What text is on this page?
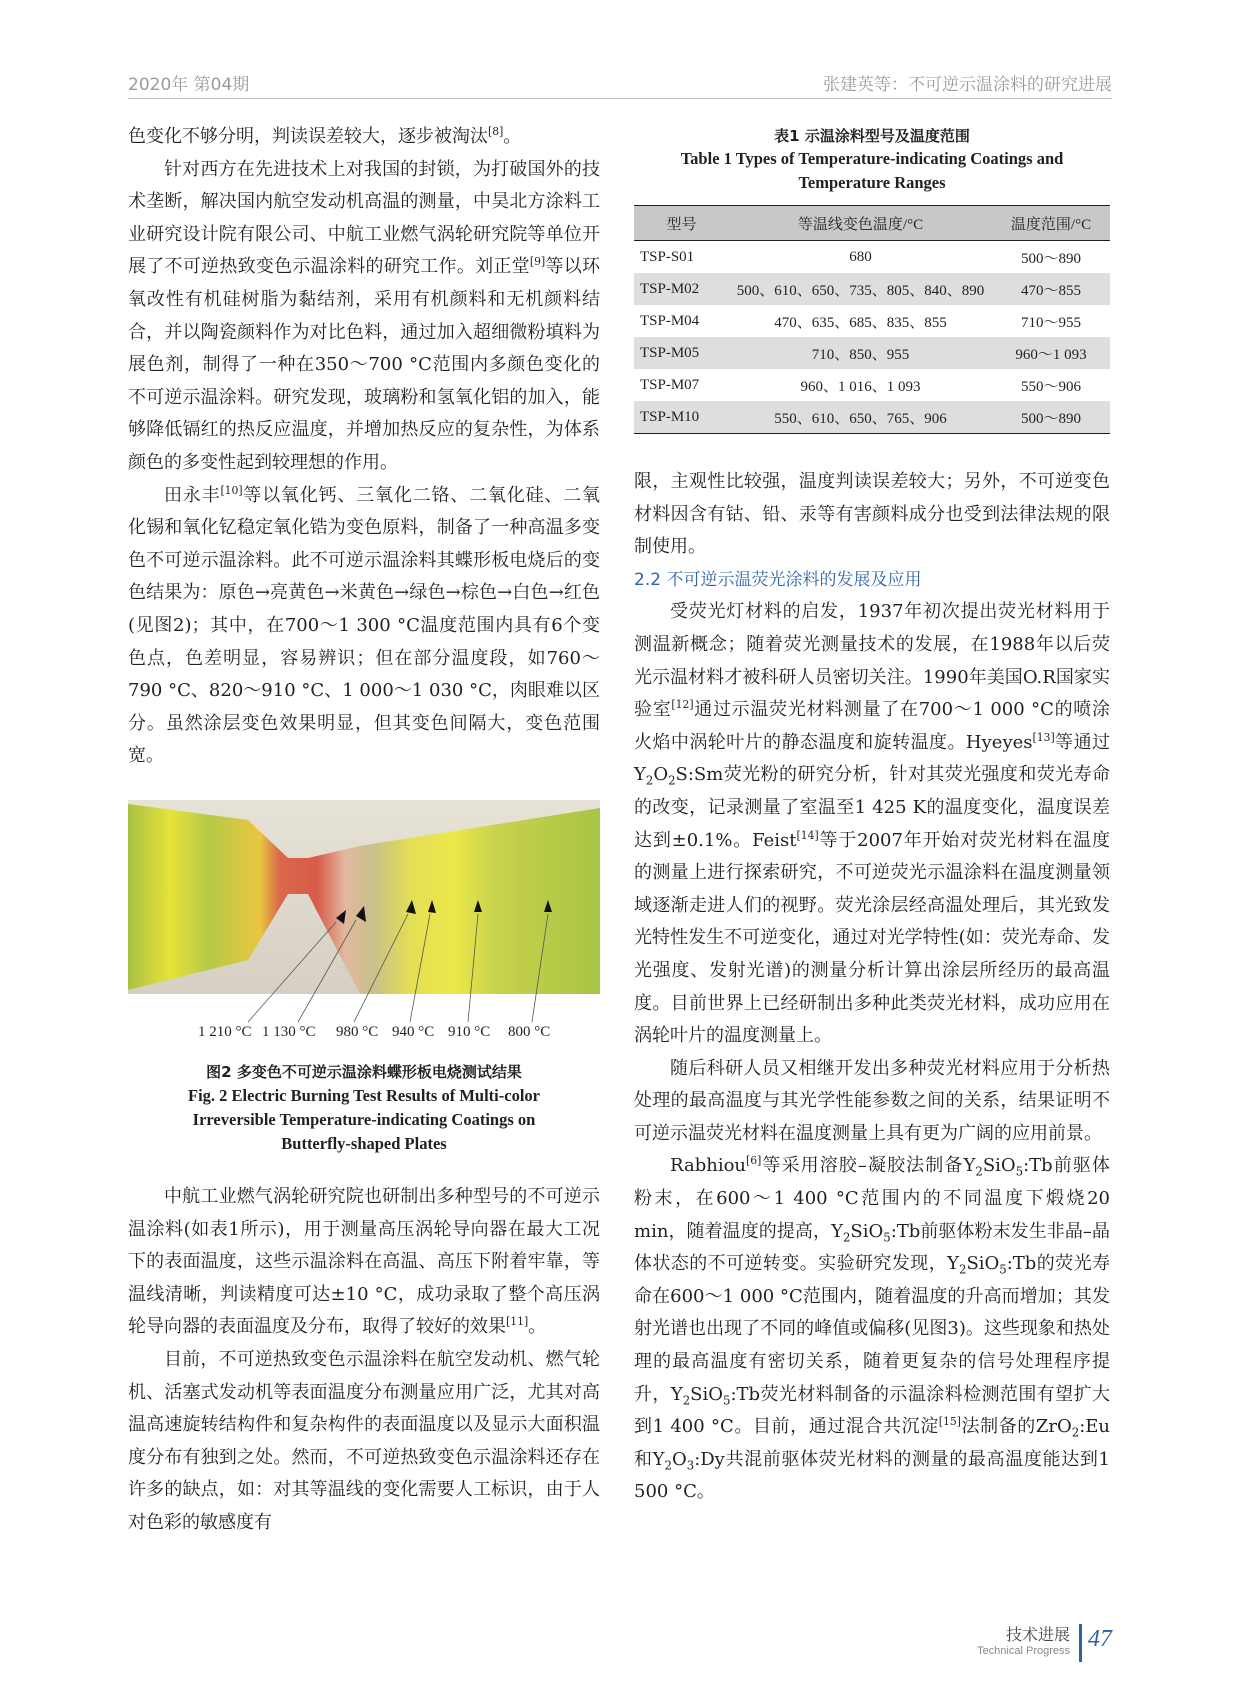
2020年 第04期	张建英等：不可逆示温涂料的研究进展

色变化不够分明，判读误差较大，逐步被淘汰[8]。

针对西方在先进技术上对我国的封锁，为打破国外的技术垄断，解决国内航空发动机高温的测量，中昊北方涂料工业研究设计院有限公司、中航工业燃气涡轮研究院等单位开展了不可逆热致变色示温涂料的研究工作。刘正堂[9]等以环氧改性有机硅树脂为黏结剂，采用有机颜料和无机颜料结合，并以陶瓷颜料作为对比色料，通过加入超细微粉填料为展色剂，制得了一种在350～700 °C范围内多颜色变化的不可逆示温涂料。研究发现，玻璃粉和氢氧化铝的加入，能够降低镉红的热反应温度，并增加热反应的复杂性，为体系颜色的多变性起到较理想的作用。

田永丰[10]等以氧化钙、三氧化二铬、二氧化硅、二氧化锡和氧化钇稳定氧化锆为变色原料，制备了一种高温多变色不可逆示温涂料。此不可逆示温涂料其蝶形板电烧后的变色结果为：原色→亮黄色→米黄色→绿色→棕色→白色→红色(见图2)；其中，在700～1 300 °C温度范围内具有6个变色点，色差明显，容易辨识；但在部分温度段，如760～790 °C、820～910 °C、1 000～1 030 °C，肉眼难以区分。虽然涂层变色效果明显，但其变色间隔大，变色范围宽。

1 210 °C 1 130 °C 980 °C 940 °C 910 °C 800 °C
图2 多变色不可逆示温涂料蝶形板电烧测试结果
Fig. 2 Electric Burning Test Results of Multi-color
Irreversible Temperature-indicating Coatings on
Butterfly-shaped Plates

中航工业燃气涡轮研究院也研制出多种型号的不可逆示温涂料(如表1所示)，用于测量高压涡轮导向器在最大工况下的表面温度，这些示温涂料在高温、高压下附着牢靠，等温线清晰，判读精度可达±10 °C，成功录取了整个高压涡轮导向器的表面温度及分布，取得了较好的效果[11]。

目前，不可逆热致变色示温涂料在航空发动机、燃气轮机、活塞式发动机等表面温度分布测量应用广泛，尤其对高温高速旋转结构件和复杂构件的表面温度以及显示大面积温度分布有独到之处。然而，不可逆热致变色示温涂料还存在许多的缺点，如：对其等温线的变化需要人工标识，由于人对色彩的敏感度有

表1 示温涂料型号及温度范围
Table 1 Types of Temperature-indicating Coatings and
Temperature Ranges
型号	等温线变色温度/°C	温度范围/°C
TSP-S01	680	500～890
TSP-M02	500、610、650、735、805、840、890	470～855
TSP-M04	470、635、685、835、855	710～955
TSP-M05	710、850、955	960～1 093
TSP-M07	960、1 016、1 093	550～906
TSP-M10	550、610、650、765、906	500～890

限，主观性比较强，温度判读误差较大；另外，不可逆变色材料因含有钴、铅、汞等有害颜料成分也受到法律法规的限制使用。

2.2 不可逆示温荧光涂料的发展及应用

受荧光灯材料的启发，1937年初次提出荧光材料用于测温新概念；随着荧光测量技术的发展，在1988年以后荧光示温材料才被科研人员密切关注。1990年美国O.R国家实验室[12]通过示温荧光材料测量了在700～1 000 °C的喷涂火焰中涡轮叶片的静态温度和旋转温度。Hyeyes[13]等通过$Y_2O_2S:Sm$荧光粉的研究分析，针对其荧光强度和荧光寿命的改变，记录测量了室温至1 425 K的温度变化，温度误差达到±0.1%。Feist[14]等于2007年开始对荧光材料在温度的测量上进行探索研究，不可逆荧光示温涂料在温度测量领域逐渐走进人们的视野。荧光涂层经高温处理后，其光致发光特性发生不可逆变化，通过对光学特性(如：荧光寿命、发光强度、发射光谱)的测量分析计算出涂层所经历的最高温度。目前世界上已经研制出多种此类荧光材料，成功应用在涡轮叶片的温度测量上。

随后科研人员又相继开发出多种荧光材料应用于分析热处理的最高温度与其光学性能参数之间的关系，结果证明不可逆示温荧光材料在温度测量上具有更为广阔的应用前景。

Rabhiou[6]等采用溶胶–凝胶法制备$Y_2SiO_5:Tb$前驱体粉末，在600～1 400 °C范围内的不同温度下煅烧20 min，随着温度的提高，$Y_2SiO_5:Tb$前驱体粉末发生非晶–晶体状态的不可逆转变。实验研究发现，$Y_2SiO_5:Tb$的荧光寿命在600～1 000 °C范围内，随着温度的升高而增加；其发射光谱也出现了不同的峰值或偏移(见图3)。这些现象和热处理的最高温度有密切关系，随着更复杂的信号处理程序提升，$Y_2SiO_5:Tb$荧光材料制备的示温涂料检测范围有望扩大到1 400 °C。目前，通过混合共沉淀[15]法制备的ZrO$_2$:Eu和$Y_2O_3:Dy$共混前驱体荧光材料的测量的最高温度能达到1 500 °C。

技术进展
Technical Progress 47
